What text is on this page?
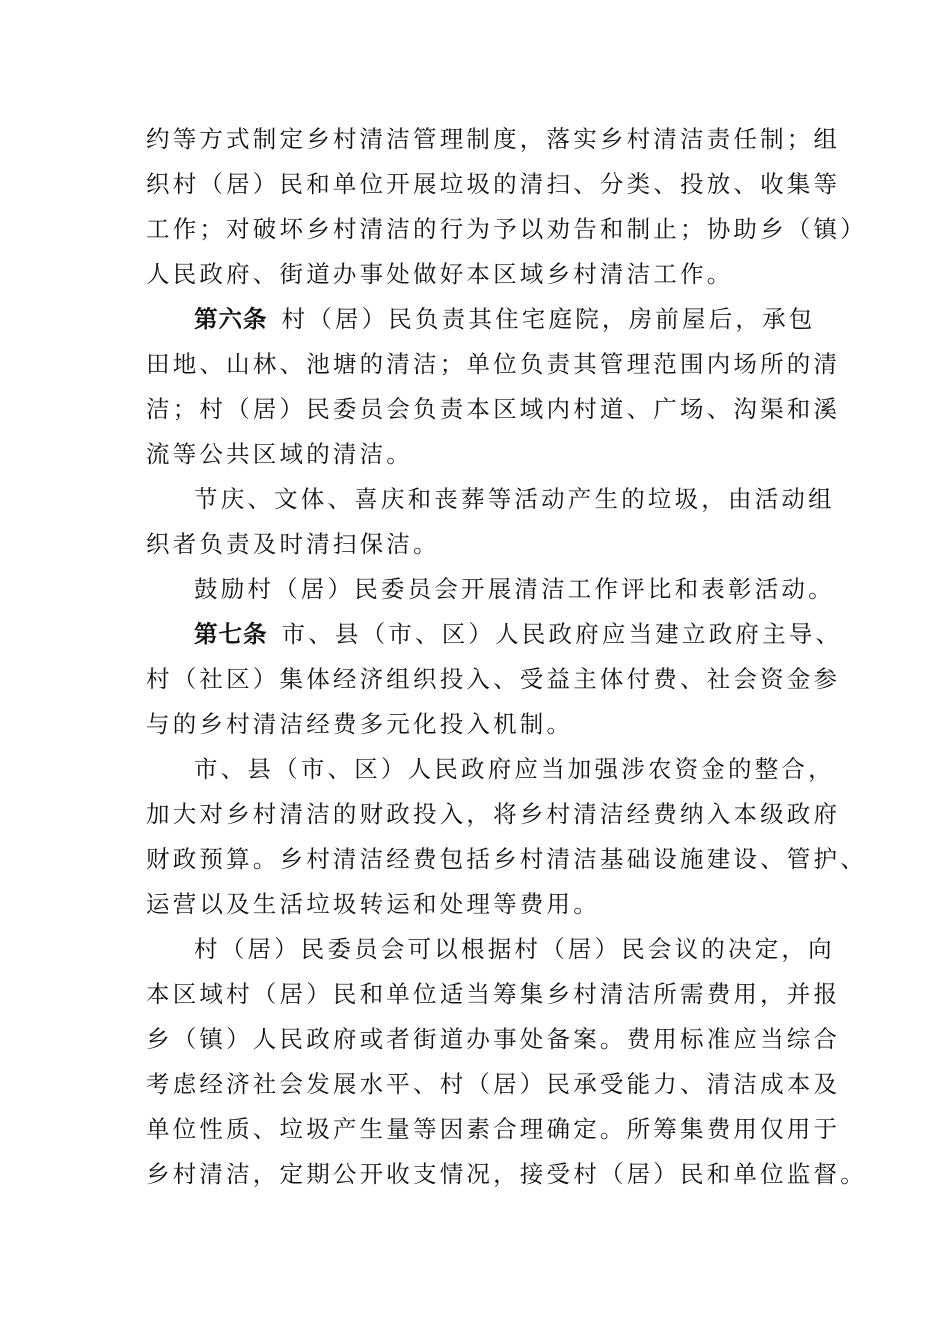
约等方式制定乡村清洁管理制度，落实乡村清洁责任制；组
织村（居）民和单位开展垃圾的清扫、分类、投放、收集等
工作；对破坏乡村清洁的行为予以劝告和制止；协助乡（镇）
人民政府、街道办事处做好本区域乡村清洁工作。
第六条 村（居）民负责其住宅庭院，房前屋后，承包
田地、山林、池塘的清洁；单位负责其管理范围内场所的清
洁；村（居）民委员会负责本区域内村道、广场、沟渠和溪
流等公共区域的清洁。
节庆、文体、喜庆和丧葬等活动产生的垃圾，由活动组
织者负责及时清扫保洁。
鼓励村（居）民委员会开展清洁工作评比和表彰活动。
第七条 市、县（市、区）人民政府应当建立政府主导、
村（社区）集体经济组织投入、受益主体付费、社会资金参
与的乡村清洁经费多元化投入机制。
市、县（市、区）人民政府应当加强涉农资金的整合，
加大对乡村清洁的财政投入，将乡村清洁经费纳入本级政府
财政预算。乡村清洁经费包括乡村清洁基础设施建设、管护、
运营以及生活垃圾转运和处理等费用。
村（居）民委员会可以根据村（居）民会议的决定，向
本区域村（居）民和单位适当筹集乡村清洁所需费用，并报
乡（镇）人民政府或者街道办事处备案。费用标准应当综合
考虑经济社会发展水平、村（居）民承受能力、清洁成本及
单位性质、垃圾产生量等因素合理确定。所筹集费用仅用于
乡村清洁，定期公开收支情况，接受村（居）民和单位监督。
